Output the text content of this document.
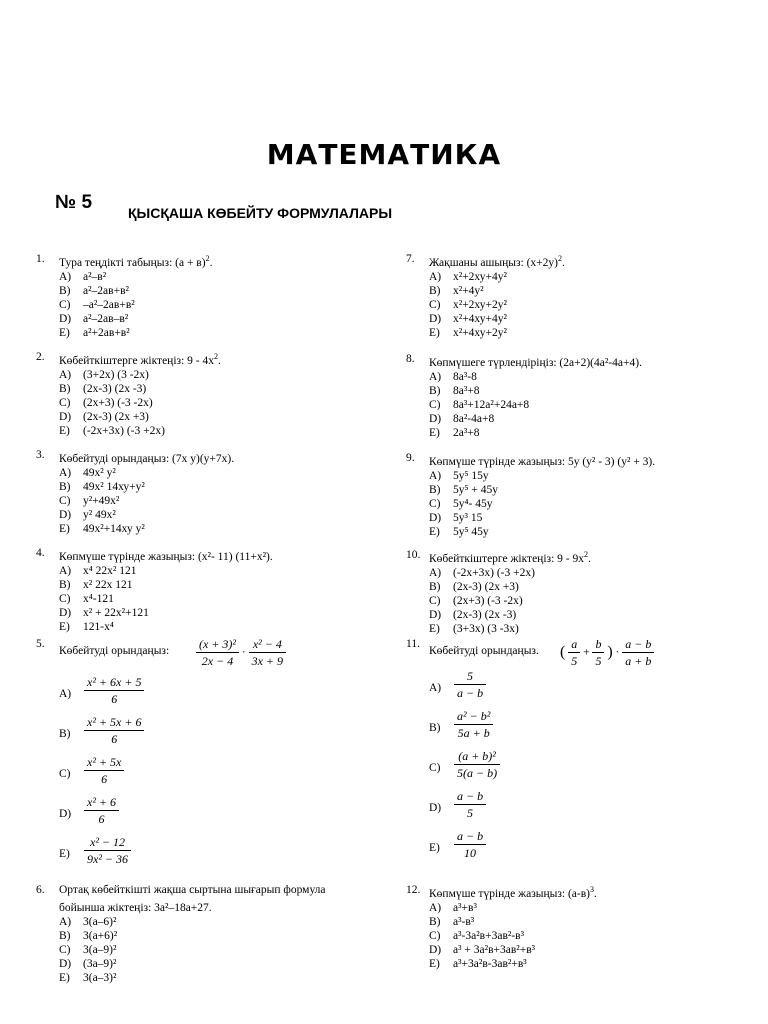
МАТЕМАТИКА
№ 5	ҚЫСҚАША КӨБЕЙТУ ФОРМУЛАЛАРЫ
1. Тура теңдікті табыңыз: $(а + в)^2$.
А) а²–в²
В) а²–2ав+в²
С) –а²–2ав+в²
D) а²–2ав–в²
Е) а²+2ав+в²
2. Көбейткіштерге жіктеңіз: $9 - 4х^2$.
А) (3+2х) (3 -2х)
В) (2х-3) (2х -3)
С) (2х+3) (-3 -2х)
D) (2х-3) (2х +3)
Е) (-2х+3х) (-3 +2х)
3. Көбейтуді орындаңыз: (7х у)(у+7х).
А) 49х² у²
В) 49х² 14ху+у²
С) у²+49х²
D) у² 49х²
Е) 49х²+14ху у²
4. Көпмүше түрінде жазыңыз: (х²- 11) (11+х²).
А) х⁴ 22х² 121
В) х² 22х 121
С) х⁴-121
D) х² + 22х²+121
Е) 121-х⁴
6. Ортақ көбейткішті жақша сыртына шығарып формула бойынша жіктеңіз: 3а²–18а+27.
А) 3(а–6)²
В) 3(а+6)²
С) 3(а–9)²
D) (3а–9)²
Е) 3(а–3)²
7. Жақшаны ашыңыз: $(х+2у)^2$.
А) х²+2ху+4у²
В) х²+4у²
С) х²+2ху+2у²
D) х²+4ху+4у²
Е) х²+4ху+2у²
8. Көпмүшеге түрлендіріңіз: (2а+2)(4а²-4а+4).
А) 8а³-8
В) 8а³+8
С) 8а³+12а²+24а+8
D) 8а²-4а+8
Е) 2а³+8
9. Көпмүше түрінде жазыңыз: 5у (у² - 3) (у² + 3).
А) 5у⁵ 15у
В) 5у⁵ + 45у
С) 5у⁴- 45у
D) 5у³ 15
Е) 5у⁵ 45у
10. Көбейткіштерге жіктеңіз: $9 - 9х^2$.
А) (-2х+3х) (-3 +2х)
В) (2х-3) (2х +3)
С) (2х+3) (-3 -2х)
D) (2х-3) (2х -3)
Е) (3+3х) (3 -3х)
12. Көпмүше түрінде жазыңыз: $(а-в)^3$.
А) а³+в³
В) а³-в³
С) а³-3а²в+3ав²-в³
D) а³ + 3а²в+3ав²+в³
Е) а³+3а²в-3ав²+в³
5.
Көбейтуді орындаңыз: $\frac{\text{(x + 3)²}}{2x - 4} \cdot \frac{\text{x² − 4}}{3x + 9}$
$А) \frac{\text{x² + 6x + 5}}{6}$
$В) \frac{\text{x² + 5x + 6}}{6}$
$С) \frac{\text{x² + 5x}}{6}$
$D) \frac{\text{x² + 6}}{6}$
$Е) \frac{\text{x² − 12}}{\text{9x² − 36}}$
11.
Көбейтуді орындаңыз. ( $\frac{a}{5} + \frac{b}{5}$ ) · $\frac{a - b}{a + b}$
$А) \frac{5}{a - b}$
$В) \frac{\text{a² − b²}}{5a + b}$
$С) \frac{\text{(a + b)²}}{5(a - b)}$
$D) \frac{a - b}{5}$
$Е) \frac{a - b}{10}$
